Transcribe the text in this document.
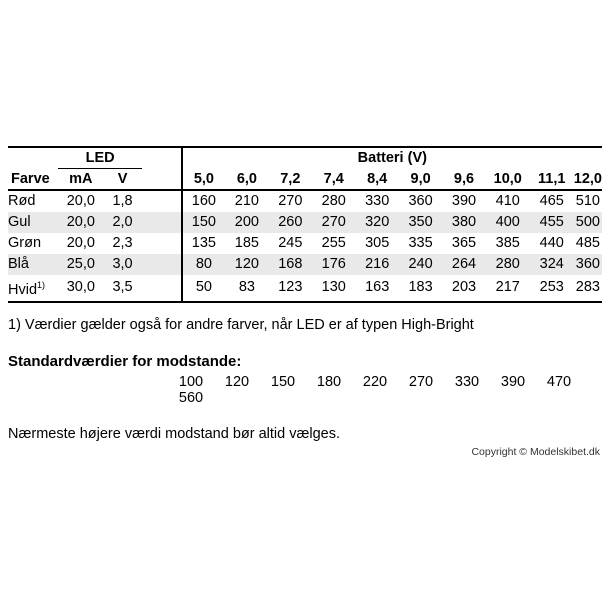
	LED			Batteri (V)									
Farve	mA	V		5,0	6,0	7,2	7,4	8,4	9,0	9,6	10,0	11,1	12,0
Rød	20,0	1,8		160	210	270	280	330	360	390	410	465	510
Gul	20,0	2,0		150	200	260	270	320	350	380	400	455	500
Grøn	20,0	2,3		135	185	245	255	305	335	365	385	440	485
Blå	25,0	3,0		80	120	168	176	216	240	264	280	324	360
Hvid$^{1)}$	30,0	3,5		50	83	123	130	163	183	203	217	253	283
1) Værdier gælder også for andre farver, når LED er af typen High-Bright
Standardværdier for modstande:
100 120 150 180 220 270 330 390 470560
Nærmeste højere værdi modstand bør altid vælges.
Copyright © Modelskibet.dk
